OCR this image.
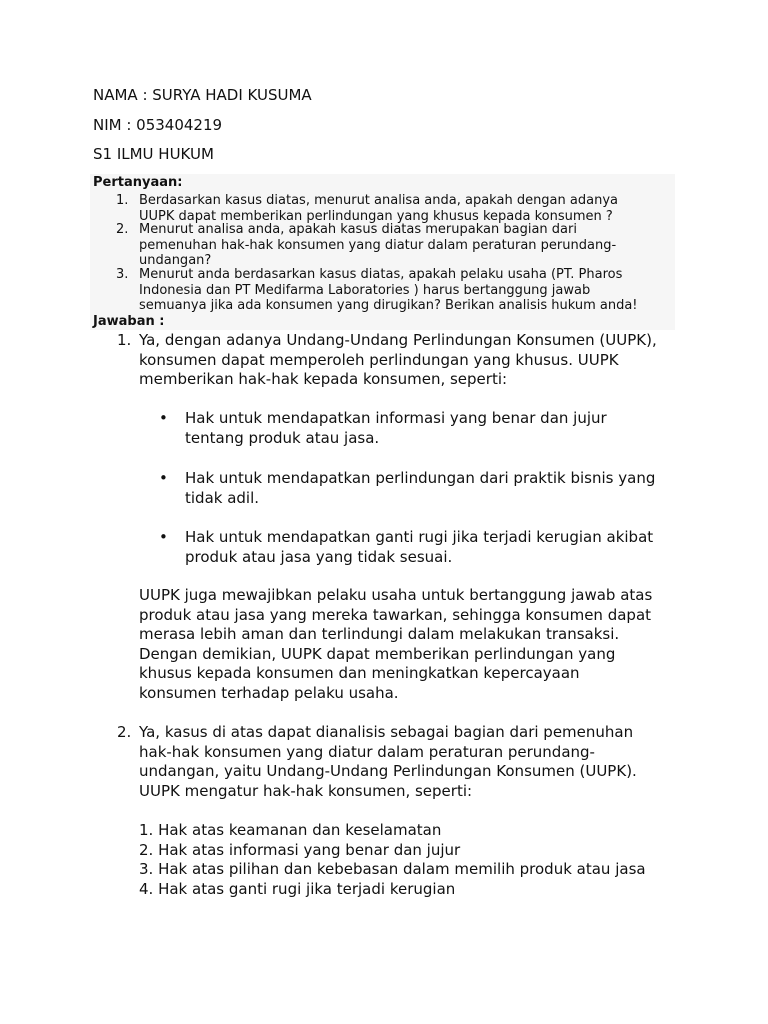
NAMA : SURYA HADI KUSUMA
NIM : 053404219
S1 ILMU HUKUM
Pertanyaan:
1. Berdasarkan kasus diatas, menurut analisa anda, apakah dengan adanya
UUPK dapat memberikan perlindungan yang khusus kepada konsumen ?
2. Menurut analisa anda, apakah kasus diatas merupakan bagian dari
pemenuhan hak-hak konsumen yang diatur dalam peraturan perundang-
undangan?
3. Menurut anda berdasarkan kasus diatas, apakah pelaku usaha (PT. Pharos
Indonesia dan PT Medifarma Laboratories ) harus bertanggung jawab
semuanya jika ada konsumen yang dirugikan? Berikan analisis hukum anda!
Jawaban :
1. Ya, dengan adanya Undang-Undang Perlindungan Konsumen (UUPK),
konsumen dapat memperoleh perlindungan yang khusus. UUPK
memberikan hak-hak kepada konsumen, seperti:
• Hak untuk mendapatkan informasi yang benar dan jujur
tentang produk atau jasa.
• Hak untuk mendapatkan perlindungan dari praktik bisnis yang
tidak adil.
• Hak untuk mendapatkan ganti rugi jika terjadi kerugian akibat
produk atau jasa yang tidak sesuai.
UUPK juga mewajibkan pelaku usaha untuk bertanggung jawab atas
produk atau jasa yang mereka tawarkan, sehingga konsumen dapat
merasa lebih aman dan terlindungi dalam melakukan transaksi.
Dengan demikian, UUPK dapat memberikan perlindungan yang
khusus kepada konsumen dan meningkatkan kepercayaan
konsumen terhadap pelaku usaha.
2. Ya, kasus di atas dapat dianalisis sebagai bagian dari pemenuhan
hak-hak konsumen yang diatur dalam peraturan perundang-
undangan, yaitu Undang-Undang Perlindungan Konsumen (UUPK).
UUPK mengatur hak-hak konsumen, seperti:
1. Hak atas keamanan dan keselamatan
2. Hak atas informasi yang benar dan jujur
3. Hak atas pilihan dan kebebasan dalam memilih produk atau jasa
4. Hak atas ganti rugi jika terjadi kerugian
